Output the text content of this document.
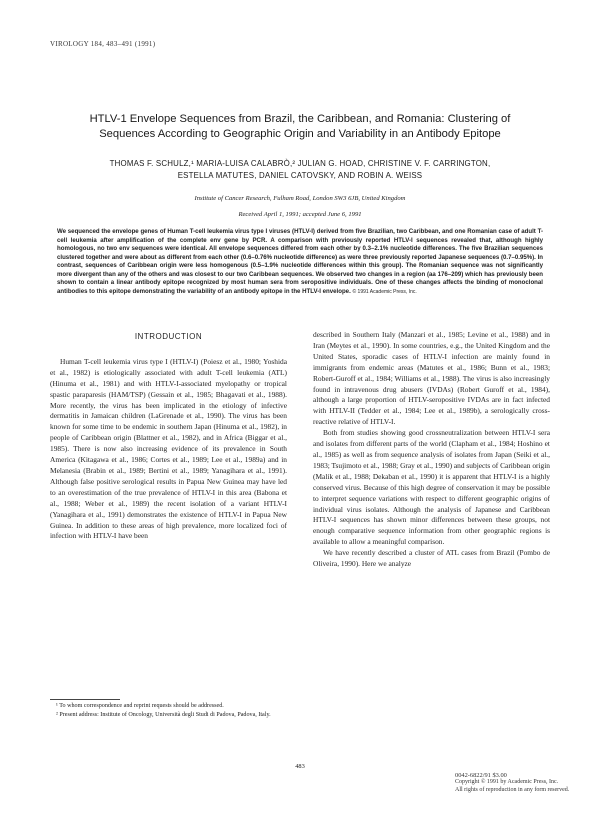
VIROLOGY 184, 483–491 (1991)
HTLV-1 Envelope Sequences from Brazil, the Caribbean, and Romania: Clustering of
Sequences According to Geographic Origin and Variability in an Antibody Epitope
THOMAS F. SCHULZ,¹ MARIA-LUISA CALABRÒ,² JULIAN G. HOAD, CHRISTINE V. F. CARRINGTON,
ESTELLA MATUTES, DANIEL CATOVSKY, AND ROBIN A. WEISS
Institute of Cancer Research, Fulham Road, London SW3 6JB, United Kingdom
Received April 1, 1991; accepted June 6, 1991
We sequenced the envelope genes of Human T-cell leukemia virus type I viruses (HTLV-I) derived from five Brazilian, two Caribbean, and one Romanian case of adult T-cell leukemia after amplification of the complete env gene by PCR. A comparison with previously reported HTLV-I sequences revealed that, although highly homologous, no two env sequences were identical. All envelope sequences differed from each other by 0.3–2.1% nucleotide differences. The five Brazilian sequences clustered together and were about as different from each other (0.6–0.76% nucleotide difference) as were three previously reported Japanese sequences (0.7–0.95%). In contrast, sequences of Caribbean origin were less homogenous (0.5–1.9% nucleotide differences within this group). The Romanian sequence was not significantly more divergent than any of the others and was closest to our two Caribbean sequences. We observed two changes in a region (aa 176–209) which has previously been shown to contain a linear antibody epitope recognized by most human sera from seropositive individuals. One of these changes affects the binding of monoclonal antibodies to this epitope demonstrating the variability of an antibody epitope in the HTLV-I envelope. © 1991 Academic Press, Inc.
INTRODUCTION

Human T-cell leukemia virus type I (HTLV-I) (Poiesz et al., 1980; Yoshida et al., 1982) is etiologically associated with adult T-cell leukemia (ATL) (Hinuma et al., 1981) and with HTLV-I-associated myelopathy or tropical spastic paraparesis (HAM/TSP) (Gessain et al., 1985; Bhagavati et al., 1988). More recently, the virus has been implicated in the etiology of infective dermatitis in Jamaican children (LaGrenade et al., 1990). The virus has been known for some time to be endemic in southern Japan (Hinuma et al., 1982), in people of Caribbean origin (Blattner et al., 1982), and in Africa (Biggar et al., 1985). There is now also increasing evidence of its prevalence in South America (Kitagawa et al., 1986; Cortes et al., 1989; Lee et al., 1989a) and in Melanesia (Brabin et al., 1989; Bertini et al., 1989; Yanagihara et al., 1991). Although false positive serological results in Papua New Guinea may have led to an overestimation of the true prevalence of HTLV-I in this area (Babona et al., 1988; Weber et al., 1989) the recent isolation of a variant HTLV-I (Yanagihara et al., 1991) demonstrates the existence of HTLV-I in Papua New Guinea. In addition to these areas of high prevalence, more localized foci of infection with HTLV-I have been

described in Southern Italy (Manzari et al., 1985; Levine et al., 1988) and in Iran (Meytes et al., 1990). In some countries, e.g., the United Kingdom and the United States, sporadic cases of HTLV-I infection are mainly found in immigrants from endemic areas (Matutes et al., 1986; Bunn et al., 1983; Robert-Guroff et al., 1984; Williams et al., 1988). The virus is also increasingly found in intravenous drug abusers (IVDAs) (Robert Guroff et al., 1984), although a large proportion of HTLV-seropositive IVDAs are in fact infected with HTLV-II (Tedder et al., 1984; Lee et al., 1989b), a serologically cross-reactive relative of HTLV-I.

Both from studies showing good crossneutralization between HTLV-I sera and isolates from different parts of the world (Clapham et al., 1984; Hoshino et al., 1985) as well as from sequence analysis of isolates from Japan (Seiki et al., 1983; Tsujimoto et al., 1988; Gray et al., 1990) and subjects of Caribbean origin (Malik et al., 1988; Dekaban et al., 1990) it is apparent that HTLV-I is a highly conserved virus. Because of this high degree of conservation it may be possible to interpret sequence variations with respect to different geographic origins of individual virus isolates. Although the analysis of Japanese and Caribbean HTLV-I sequences has shown minor differences between these groups, not enough comparative sequence information from other geographic regions is available to allow a meaningful comparison.

We have recently described a cluster of ATL cases from Brazil (Pombo de Oliveira, 1990). Here we analyze

¹ To whom correspondence and reprint requests should be addressed.

² Present address: Institute of Oncology, Università degli Studi di Padova, Padova, Italy.

483
0042-6822/91 $3.00
Copyright © 1991 by Academic Press, Inc.
All rights of reproduction in any form reserved.
